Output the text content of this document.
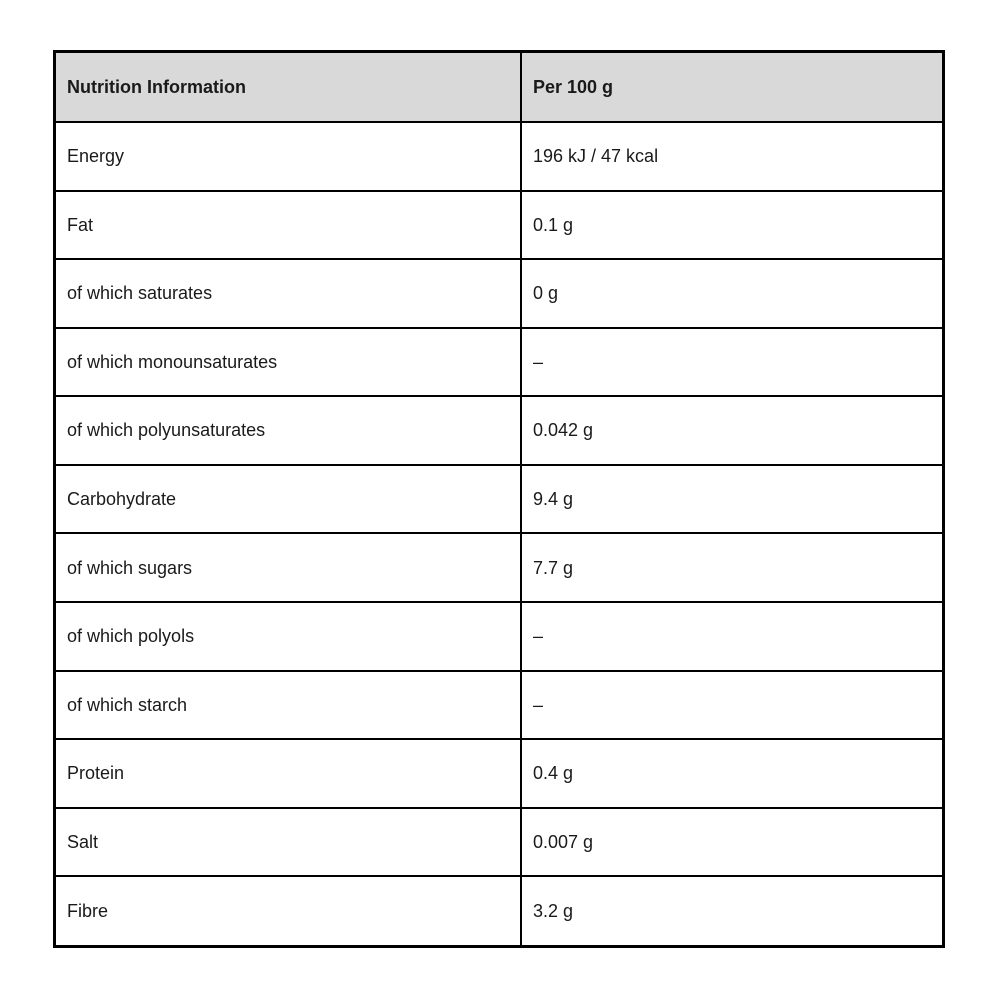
Nutrition Information	Per 100 g
Energy	196 kJ / 47 kcal
Fat	0.1 g
of which saturates	0 g
of which monounsaturates	–
of which polyunsaturates	0.042 g
Carbohydrate	9.4 g
of which sugars	7.7 g
of which polyols	–
of which starch	–
Protein	0.4 g
Salt	0.007 g
Fibre	3.2 g
